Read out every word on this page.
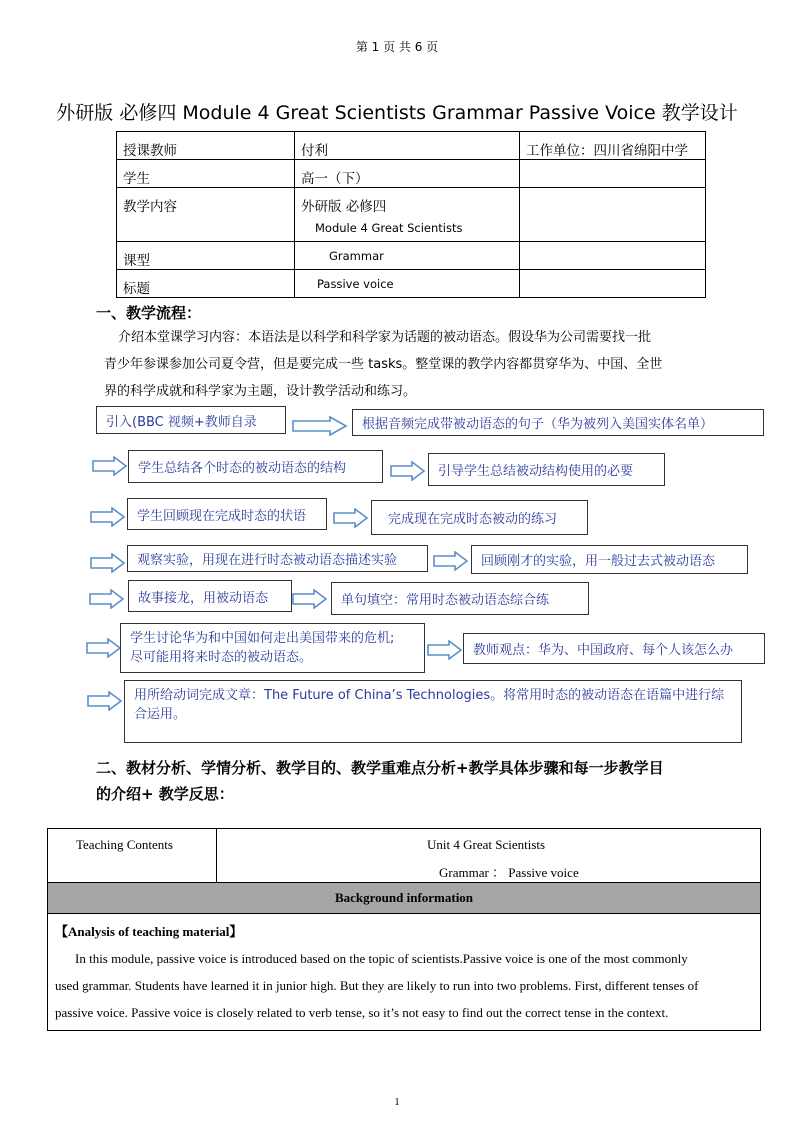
第 1 页 共 6 页
外研版 必修四 Module 4 Great Scientists Grammar Passive Voice 教学设计
授课教师	付利	工作单位：四川省绵阳中学
学生	高一（下）	
教学内容	外研版 必修四
Module 4 Great Scientists	

课型	Grammar	
标题	Passive voice	
一、教学流程：
介绍本堂课学习内容：本语法是以科学和科学家为话题的被动语态。假设华为公司需要找一批
青少年参课参加公司夏令营，但是要完成一些 tasks。整堂课的教学内容都贯穿华为、中国、全世
界的科学成就和科学家为主题，设计教学活动和练习。
引入(BBC 视频+教师自录	根据音频完成带被动语态的句子（华为被列入美国实体名单）
学生总结各个时态的被动语态的结构	引导学生总结被动结构使用的必要
学生回顾现在完成时态的状语	完成现在完成时态被动的练习
观察实验，用现在进行时态被动语态描述实验	回顾刚才的实验，用一般过去式被动语态
故事接龙，用被动语态	单句填空：常用时态被动语态综合练
学生讨论华为和中国如何走出美国带来的危机;
尽可能用将来时态的被动语态。	教师观点：华为、中国政府、每个人该怎么办
用所给动词完成文章：The Future of China’s Technologies。将常用时态的被动语态在语篇中进行综
合运用。
二、教材分析、学情分析、教学目的、教学重难点分析+教学具体步骤和每一步教学目
的介绍+ 教学反思：
Teaching Contents	Unit 4 Great Scientists
Grammar ： Passive voice

Background information

【Analysis of teaching material】
In this module, passive voice is introduced based on the topic of scientists.Passive voice is one of the most commonly
used grammar. Students have learned it in junior high. But they are likely to run into two problems. First, different tenses of
passive voice. Passive voice is closely related to verb tense, so it’s not easy to find out the correct tense in the context.
1
